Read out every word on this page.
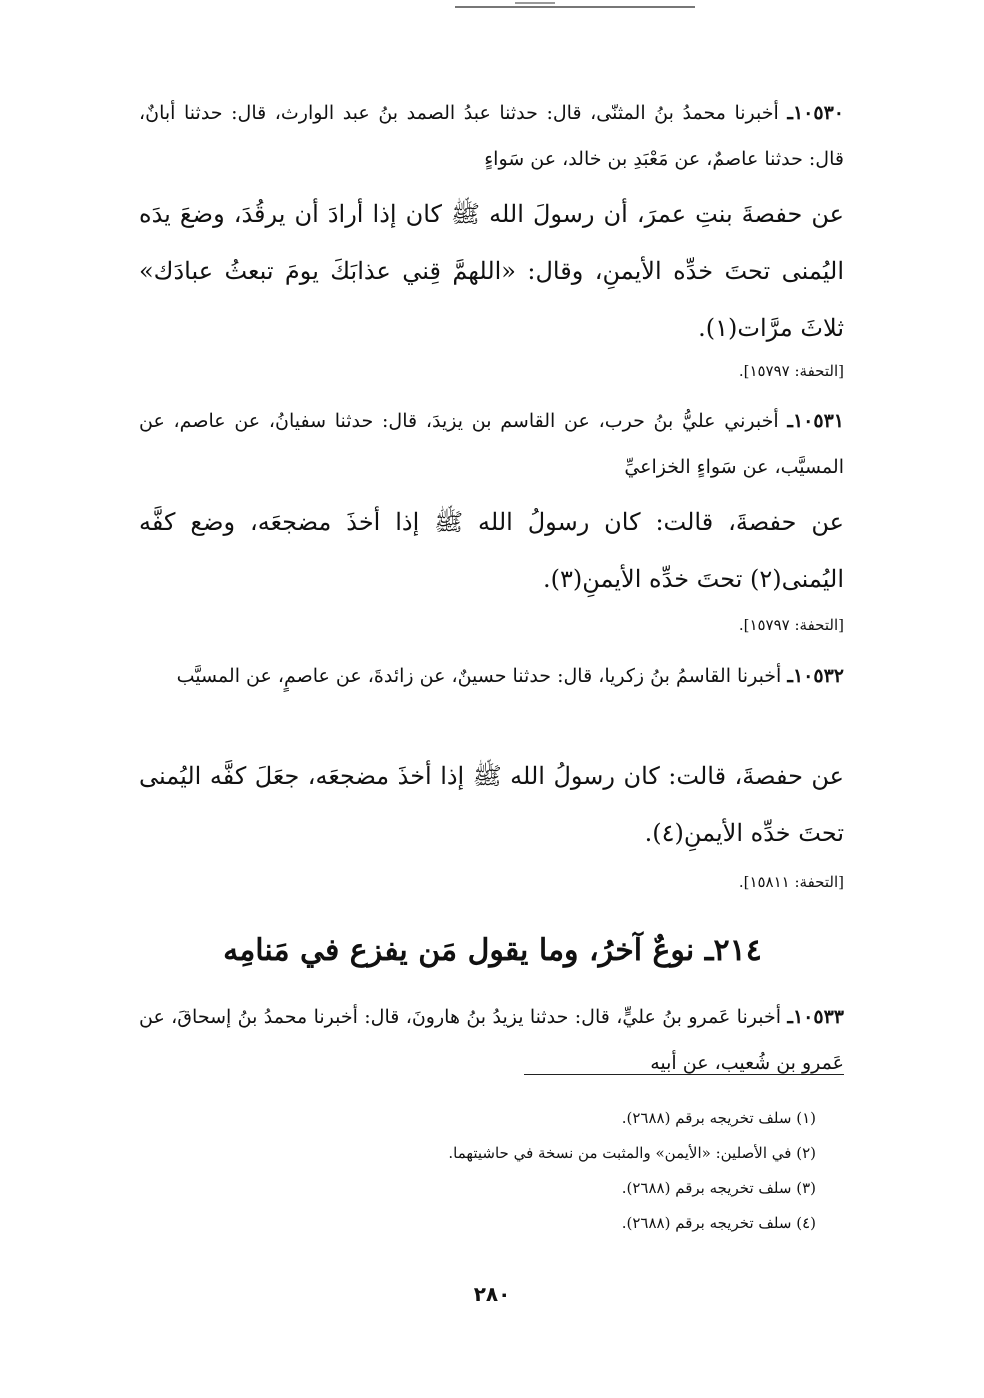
١٠٥٣٠ـ أخبرنا محمدُ بنُ المثنّى، قال: حدثنا عبدُ الصمد بنُ عبد الوارث، قال: حدثنا أبانٌ، قال: حدثنا عاصمٌ، عن مَعْبَدِ بن خالد، عن سَواءٍ
عن حفصةَ بنتِ عمرَ، أن رسولَ الله ﷺ كان إذا أرادَ أن يرقُدَ، وضعَ يدَه اليُمنى تحتَ خدِّه الأيمنِ، وقال: «اللهمَّ قِني عذابَكَ يومَ تبعثُ عبادَك» ثلاثَ مرَّات(١).
[التحفة: ١٥٧٩٧].
١٠٥٣١ـ أخبرني عليُّ بنُ حرب، عن القاسم بن يزيدَ، قال: حدثنا سفيانُ، عن عاصم، عن المسيَّب، عن سَواءٍ الخزاعيِّ
عن حفصةَ، قالت: كان رسولُ الله ﷺ إذا أخذَ مضجعَه، وضع كفَّه اليُمنى(٢) تحتَ خدِّه الأيمنِ(٣).
[التحفة: ١٥٧٩٧].
١٠٥٣٢ـ أخبرنا القاسمُ بنُ زكريا، قال: حدثنا حسينٌ، عن زائدةَ، عن عاصمٍ، عن المسيَّب
عن حفصةَ، قالت: كان رسولُ الله ﷺ إذا أخذَ مضجعَه، جعَلَ كفَّه اليُمنى تحتَ خدِّه الأيمنِ(٤).
[التحفة: ١٥٨١١].
٢١٤ـ نوعٌ آخرُ، وما يقول مَن يفزع في مَنامِه
١٠٥٣٣ـ أخبرنا عَمرو بنُ عليٍّ، قال: حدثنا يزيدُ بنُ هارونَ، قال: أخبرنا محمدُ بنُ إسحاقَ، عن عَمرو بن شُعيب، عن أبيه
(١) سلف تخريجه برقم (٢٦٨٨).
(٢) في الأصلين: «الأيمن» والمثبت من نسخة في حاشيتهما.
(٣) سلف تخريجه برقم (٢٦٨٨).
(٤) سلف تخريجه برقم (٢٦٨٨).
٢٨٠
